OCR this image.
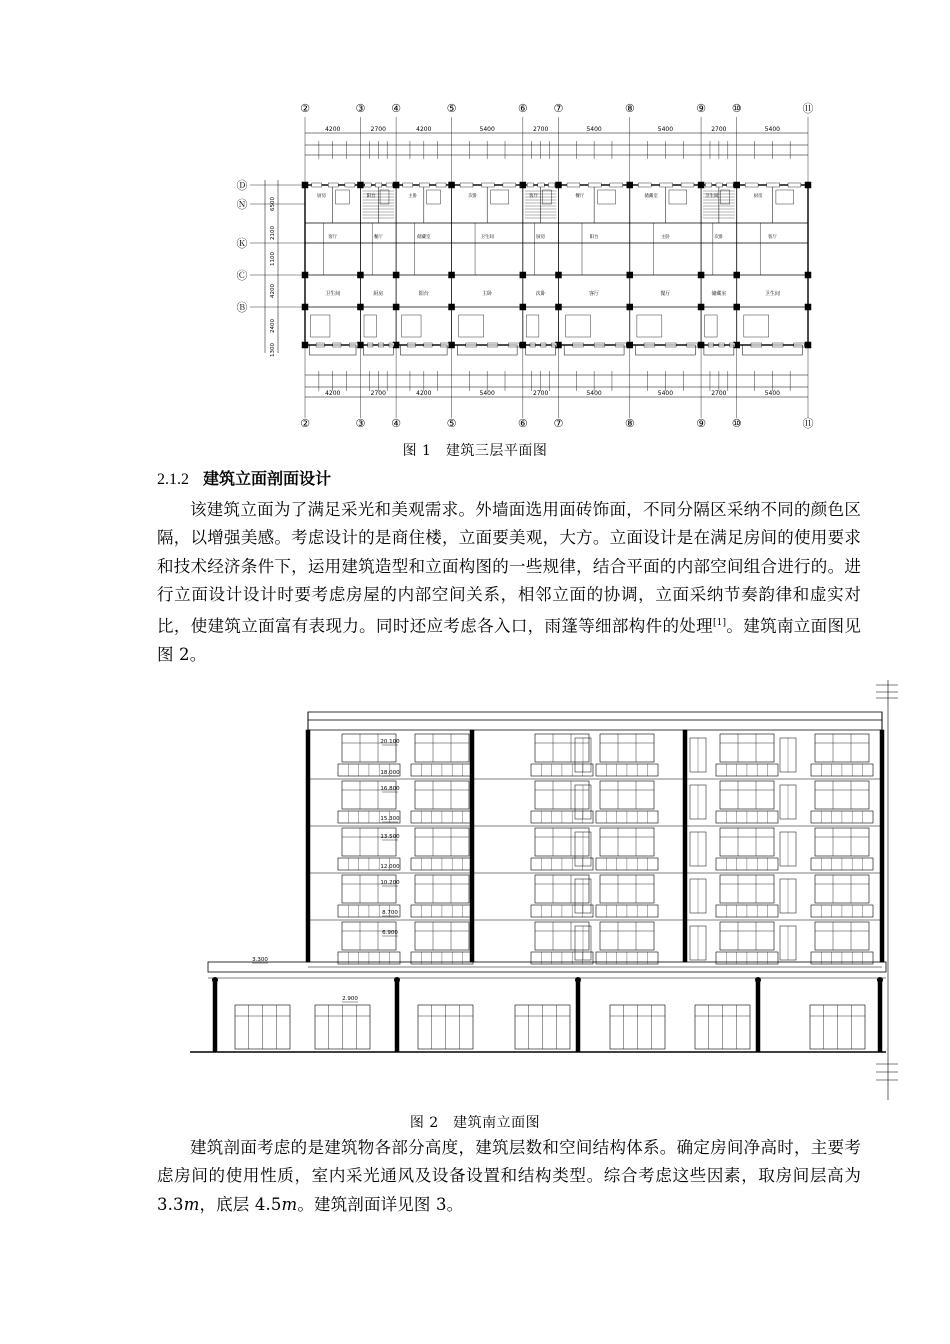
②	③ ④	⑤	⑥ ⑦	⑧	⑨ ⑩	⑪
②	③ ④	⑤	⑥ ⑦	⑧	⑨ ⑩	⑪
Ⓓ
Ⓝ
Ⓚ
Ⓒ
Ⓑ
4200	2700	4200	5400	2700	5400	5400	2700	5400
4200	2700	4200	5400	2700	5400	5400	2700	5400
6500
2100
1100
4200
2400
1300
卫生间
客厅
厨房
厨房
餐厅
阳台
阳台
储藏室
主卧
主卧
卫生间
次卧
次卧
厨房
客厅
客厅
阳台
餐厅
餐厅
主卧
储藏室
储藏室
次卧
卫生间
卫生间
客厅
厨房
图 1　建筑三层平面图
2.1.2 建筑立面剖面设计
该建筑立面为了满足采光和美观需求。外墙面选用面砖饰面，不同分隔区采纳不同的颜色区隔，以增强美感。考虑设计的是商住楼，立面要美观，大方。立面设计是在满足房间的使用要求和技术经济条件下，运用建筑造型和立面构图的一些规律，结合平面的内部空间组合进行的。进行立面设计设计时要考虑房屋的内部空间关系，相邻立面的协调，立面采纳节奏韵律和虚实对比，使建筑立面富有表现力。同时还应考虑各入口，雨篷等细部构件的处理[1]。建筑南立面图见图 2。
20.100
18.000
16.800
15.300
13.500
12.000
10.200
8.700
6.900
3.300
2.900
图 2　建筑南立面图
建筑剖面考虑的是建筑物各部分高度，建筑层数和空间结构体系。确定房间净高时，主要考虑房间的使用性质，室内采光通风及设备设置和结构类型。综合考虑这些因素，取房间层高为 3.3m，底层 4.5m。建筑剖面详见图 3。
